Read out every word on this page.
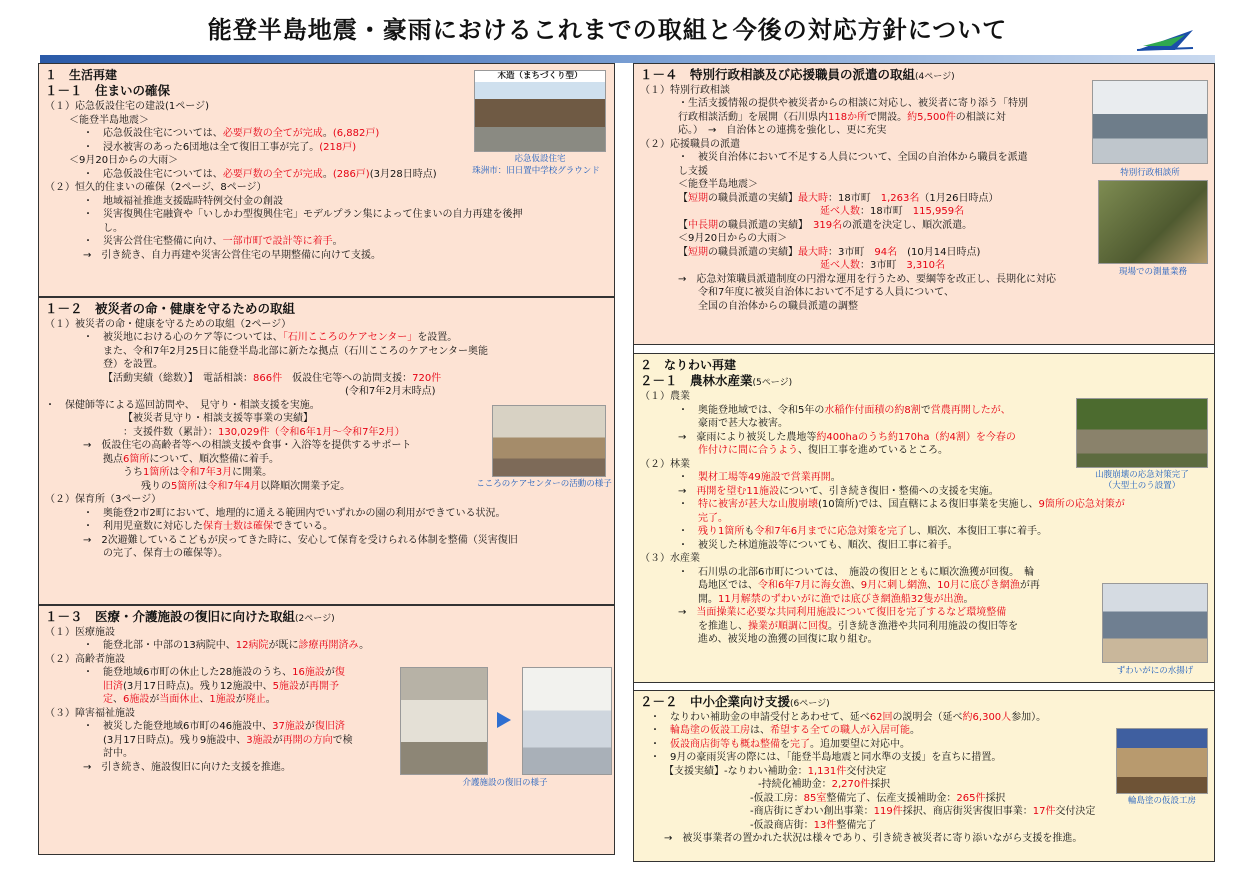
能登半島地震・豪雨におけるこれまでの取組と今後の対応方針について
１　生活再建
１－１　住まいの確保
（１）応急仮設住宅の建設(1ページ)
＜能登半島地震＞
・　応急仮設住宅については、必要戸数の全てが完成。(6,882戸)
・　浸水被害のあった6団地は全て復旧工事が完了。(218戸)
＜9月20日からの大雨＞
・　応急仮設住宅については、必要戸数の全てが完成。(286戸)(3月28日時点)
（２）恒久的住まいの確保（2ページ、8ページ）
・　地域福祉推進支援臨時特例交付金の創設
・　災害復興住宅融資や「いしかわ型復興住宅」モデルプラン集によって住まいの自力再建を後押
し。
・　災害公営住宅整備に向け、一部市町で設計等に着手。
→　引き続き、自力再建や災害公営住宅の早期整備に向けて支援。
木造（まちづくり型）
応急仮設住宅
珠洲市：旧日置中学校グラウンド
１－２　被災者の命・健康を守るための取組
（１）被災者の命・健康を守るための取組（2ページ）
・　被災地における心のケア等については、「石川こころのケアセンター」を設置。
また、令和7年2月25日に能登半島北部に新たな拠点（石川こころのケアセンター奥能
登）を設置。
【活動実績（総数）】　電話相談：866件　仮設住宅等への訪問支援：720件
(令和7年2月末時点)
・　保健師等による巡回訪問や、　見守り・相談支援を実施。
【被災者見守り・相談支援等事業の実績】
：支援件数（累計）：130,029件（令和6年1月～令和7年2月）
→　仮設住宅の高齢者等への相談支援や食事・入浴等を提供するサポート
拠点6箇所について、順次整備に着手。
うち1箇所は令和7年3月に開業。
残りの5箇所は令和7年4月以降順次開業予定。
（２）保育所（3ページ）
・　奥能登2市2町において、地理的に通える範囲内でいずれかの園の利用ができている状況。
・　利用児童数に対応した保育士数は確保できている。
→　2次避難しているこどもが戻ってきた時に、安心して保育を受けられる体制を整備（災害復旧
の完了、保育士の確保等）。
こころのケアセンターの活動の様子
１－３　医療・介護施設の復旧に向けた取組(2ページ)
（１）医療施設
・　能登北部・中部の13病院中、12病院が既に診療再開済み。
（２）高齢者施設
・　能登地域6市町の休止した28施設のうち、16施設が復
旧済(3月17日時点)。残り12施設中、5施設が再開予
定、6施設が当面休止、1施設が廃止。
（３）障害福祉施設
・　被災した能登地域6市町の46施設中、37施設が復旧済
(3月17日時点)。残り9施設中、3施設が再開の方向で検
討中。
→　引き続き、施設復旧に向けた支援を推進。
介護施設の復旧の様子
１－４　特別行政相談及び応援職員の派遣の取組(4ページ)
（１）特別行政相談
・生活支援情報の提供や被災者からの相談に対応し、被災者に寄り添う「特別
行政相談活動」を展開（石川県内118か所で開設。約5,500件の相談に対
応。）　→　自治体との連携を強化し、更に充実
（２）応援職員の派遣
・　被災自治体において不足する人員について、全国の自治体から職員を派遣
し支援
＜能登半島地震＞
【短期の職員派遣の実績】最大時：18市町　1,263名（1月26日時点）
延べ人数：18市町　115,959名
【中長期の職員派遣の実績】　319名の派遣を決定し、順次派遣。
＜9月20日からの大雨＞
【短期の職員派遣の実績】最大時：3市町　94名　(10月14日時点)
延べ人数：3市町　3,310名
→　応急対策職員派遣制度の円滑な運用を行うため、要綱等を改正し、長期化に対応
令和7年度に被災自治体において不足する人員について、
全国の自治体からの職員派遣の調整
特別行政相談所
現場での測量業務
２　なりわい再建
２－１　農林水産業(5ページ)
（１）農業
・　奥能登地域では、令和5年の水稲作付面積の約8割で営農再開したが、
豪雨で甚大な被害。
→　豪雨により被災した農地等約400haのうち約170ha（約4割）を今春の
作付けに間に合うよう、復旧工事を進めているところ。
（２）林業
・　製材工場等49施設で営業再開。
→　再開を望む11施設について、引き続き復旧・整備への支援を実施。
・　特に被害が甚大な山腹崩壊(10箇所)では、国直轄による復旧事業を実施し、9箇所の応急対策が
完了。
・　残り1箇所も令和7年6月までに応急対策を完了し、順次、本復旧工事に着手。
・　被災した林道施設等についても、順次、復旧工事に着手。
（３）水産業
・　石川県の北部6市町については、　施設の復旧とともに順次漁獲が回復。　輪
島地区では、令和6年7月に海女漁、9月に刺し網漁、10月に底びき網漁が再
開。11月解禁のずわいがに漁では底びき網漁船32隻が出漁。
→　当面操業に必要な共同利用施設について復旧を完了するなど環境整備
を推進し、操業が順調に回復。引き続き漁港や共同利用施設の復旧等を
進め、被災地の漁獲の回復に取り組む。
山腹崩壊の応急対策完了
（大型土のう設置）
ずわいがにの水揚げ
２－２　中小企業向け支援(6ページ)
・　なりわい補助金の申請受付とあわせて、延べ62回の説明会（延べ約6,300人参加）。
・　輪島塗の仮設工房は、希望する全ての職人が入居可能。
・　仮設商店街等も概ね整備を完了。追加要望に対応中。
・　9月の豪雨災害の際には、「能登半島地震と同水準の支援」を直ちに措置。
【支援実績】-なりわい補助金：1,131件交付決定
-持続化補助金：2,270件採択
-仮設工房：85室整備完了、伝産支援補助金：265件採択
-商店街にぎわい創出事業：119件採択、商店街災害復旧事業：17件交付決定
-仮設商店街：13件整備完了
→　被災事業者の置かれた状況は様々であり、引き続き被災者に寄り添いながら支援を推進。
輪島塗の仮設工房
